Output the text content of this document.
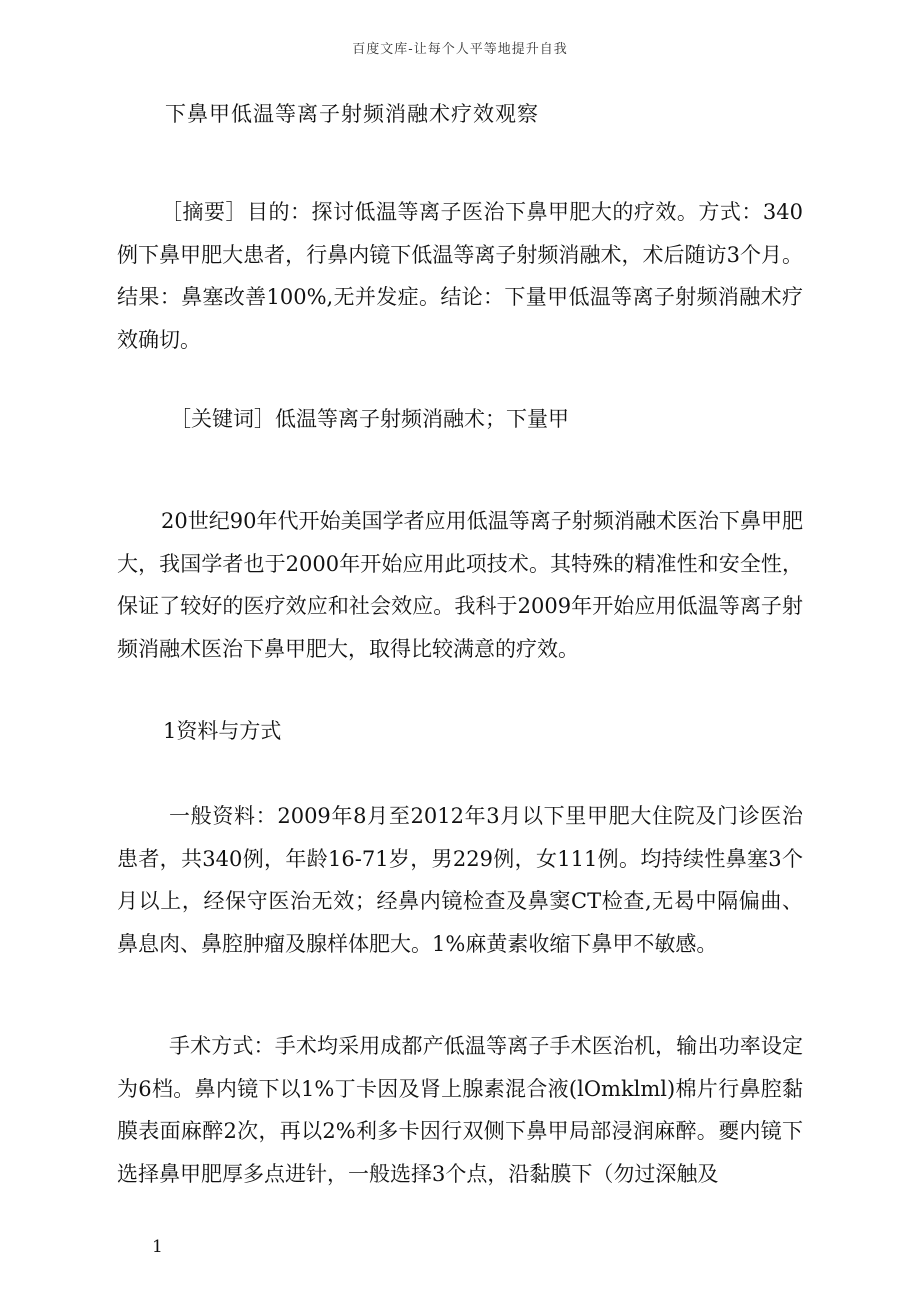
百度文库-让每个人平等地提升自我
下鼻甲低温等离子射频消融术疗效观察
［摘要］目的：探讨低温等离子医治下鼻甲肥大的疗效。方式：340例下鼻甲肥大患者，行鼻内镜下低温等离子射频消融术，术后随访3个月。结果：鼻塞改善100%,无并发症。结论：下量甲低温等离子射频消融术疗效确切。
［关键词］低温等离子射频消融术；下量甲
20世纪90年代开始美国学者应用低温等离子射频消融术医治下鼻甲肥大，我国学者也于2000年开始应用此项技术。其特殊的精准性和安全性，保证了较好的医疗效应和社会效应。我科于2009年开始应用低温等离子射频消融术医治下鼻甲肥大，取得比较满意的疗效。
1资料与方式
一般资料：2009年8月至2012年3月以下里甲肥大住院及门诊医治患者，共340例，年龄16-71岁，男229例，女111例。均持续性鼻塞3个月以上，经保守医治无效；经鼻内镜检查及鼻窦CT检查,无曷中隔偏曲、鼻息肉、鼻腔肿瘤及腺样体肥大。1%麻黄素收缩下鼻甲不敏感。
手术方式：手术均采用成都产低温等离子手术医治机，输出功率设定为6档。鼻内镜下以1%丁卡因及肾上腺素混合液(lOmklml)棉片行鼻腔黏膜表面麻醉2次，再以2%利多卡因行双侧下鼻甲局部浸润麻醉。夒内镜下选择鼻甲肥厚多点进针，一般选择3个点，沿黏膜下（勿过深触及
1
